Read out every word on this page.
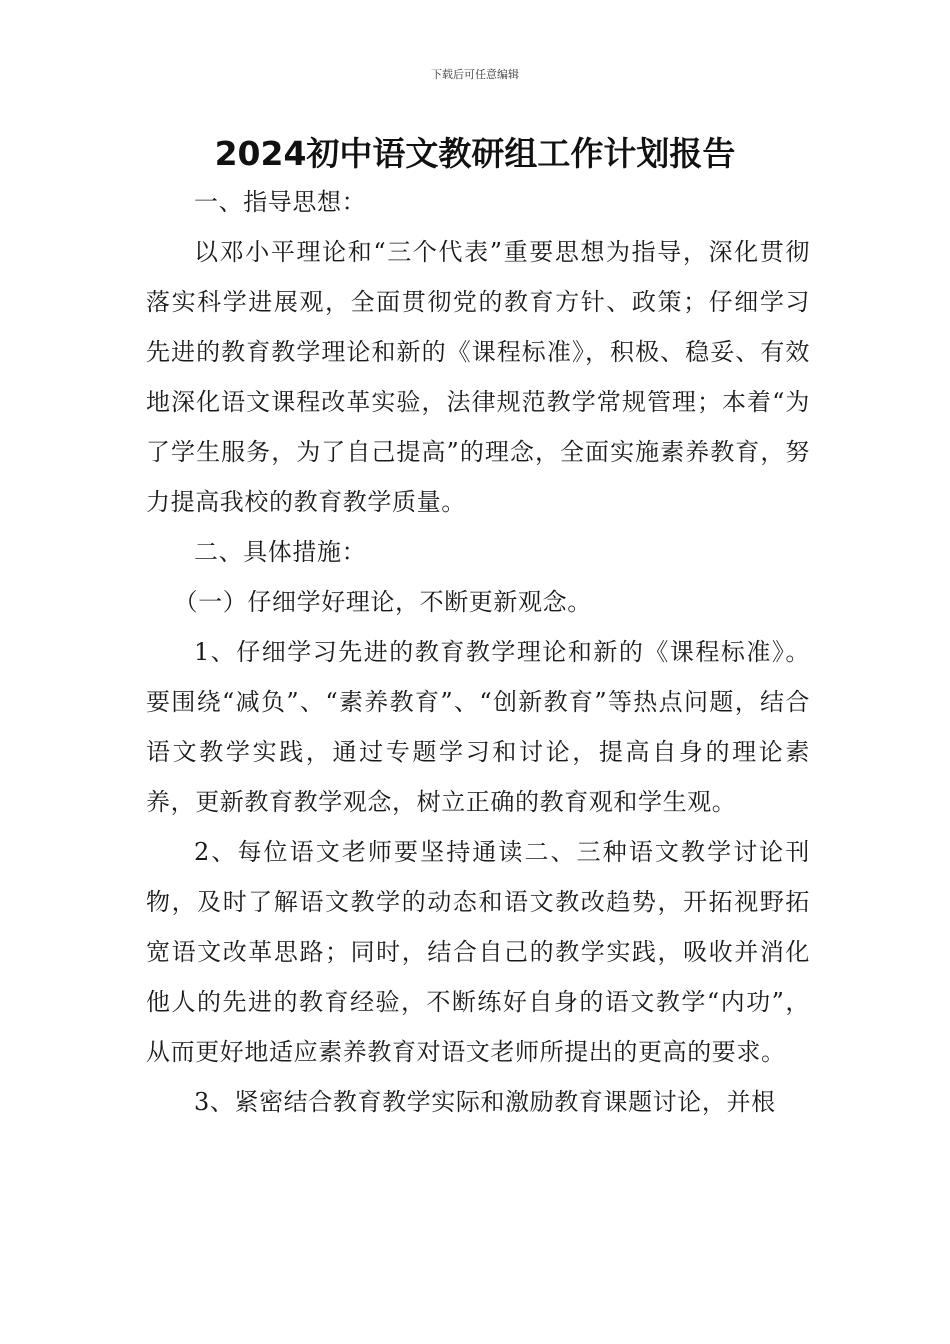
下载后可任意编辑
2024初中语文教研组工作计划报告

一、指导思想：

以邓小平理论和“三个代表”重要思想为指导，深化贯彻落实科学进展观，全面贯彻党的教育方针、政策；仔细学习先进的教育教学理论和新的《课程标准》，积极、稳妥、有效地深化语文课程改革实验，法律规范教学常规管理；本着“为了学生服务，为了自己提高”的理念，全面实施素养教育，努力提高我校的教育教学质量。

二、具体措施：

（一）仔细学好理论，不断更新观念。

1、仔细学习先进的教育教学理论和新的《课程标准》。要围绕“减负”、“素养教育”、“创新教育”等热点问题，结合语文教学实践，通过专题学习和讨论，提高自身的理论素养，更新教育教学观念，树立正确的教育观和学生观。

2、每位语文老师要坚持通读二、三种语文教学讨论刊物，及时了解语文教学的动态和语文教改趋势，开拓视野拓宽语文改革思路；同时，结合自己的教学实践，吸收并消化他人的先进的教育经验，不断练好自身的语文教学“内功”，从而更好地适应素养教育对语文老师所提出的更高的要求。

3、紧密结合教育教学实际和激励教育课题讨论，并根
